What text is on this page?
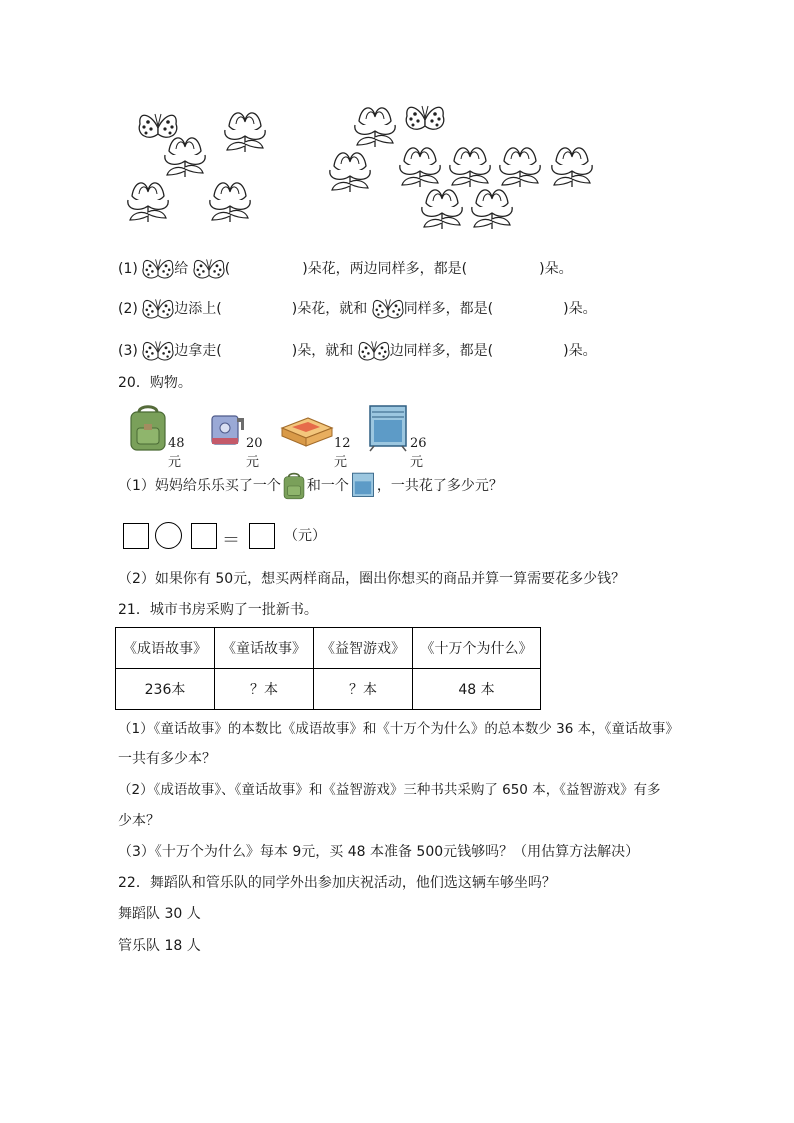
(1)	给	(	)朵花，两边同样多，都是(	)朵。
(2)	边添上(	)朵花，就和	同样多，都是(	)朵。
(3)	边拿走(	)朵，就和	边同样多，都是(	)朵。
20．购物。
48元
20元
12元
26元
（1）妈妈给乐乐买了一个 和一个 ，一共花了多少元？
＝	（元）
（2）如果你有 50元，想买两样商品，圈出你想买的商品并算一算需要花多少钱？
21．城市书房采购了一批新书。
《成语故事》	《童话故事》	《益智游戏》	《十万个为什么》
236本	？本	？本	48 本
（1）《童话故事》的本数比《成语故事》和《十万个为什么》的总本数少 36 本，《童话故事》
一共有多少本？
（2）《成语故事》、《童话故事》和《益智游戏》三种书共采购了 650 本，《益智游戏》有多
少本？
（3）《十万个为什么》每本 9元，买 48 本准备 500元钱够吗？（用估算方法解决）
22．舞蹈队和管乐队的同学外出参加庆祝活动，他们选这辆车够坐吗？
舞蹈队 30 人
管乐队 18 人
